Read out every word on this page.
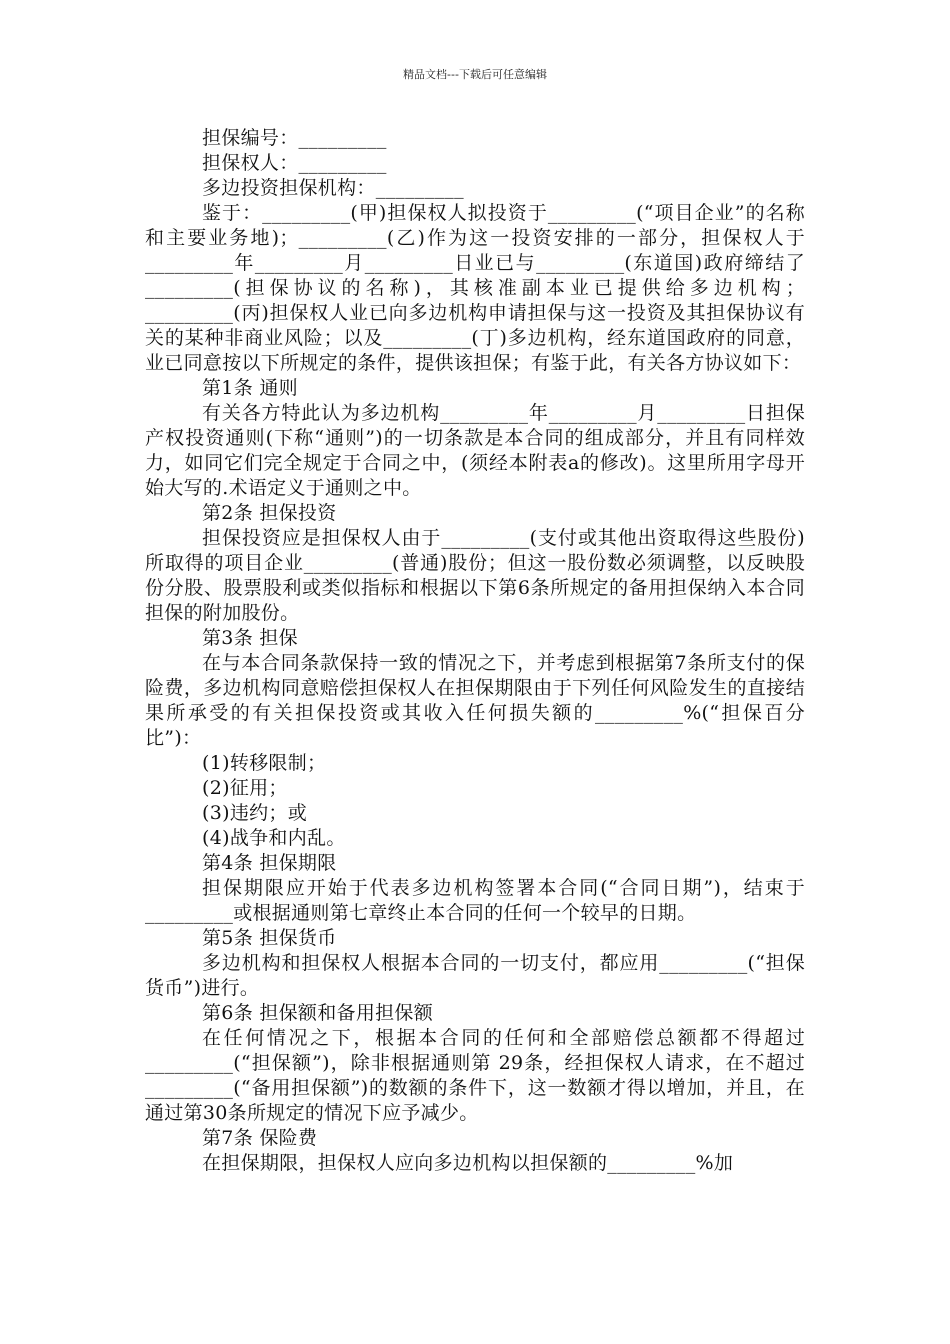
精品文档---下载后可任意编辑

担保编号：_________

担保权人：_________

多边投资担保机构：_________

鉴于：_________(甲)担保权人拟投资于_________(“项目企业”的名称和主要业务地)；_________(乙)作为这一投资安排的一部分，担保权人于_________年_________月_________日业已与_________(东道国)政府缔结了_________(担保协议的名称)，其核准副本业已提供给多边机构；_________(丙)担保权人业已向多边机构申请担保与这一投资及其担保协议有关的某种非商业风险；以及_________(丁)多边机构，经东道国政府的同意，业已同意按以下所规定的条件，提供该担保；有鉴于此，有关各方协议如下：

第1条 通则

有关各方特此认为多边机构_________年_________月_________日担保产权投资通则(下称“通则”)的一切条款是本合同的组成部分，并且有同样效力，如同它们完全规定于合同之中，(须经本附表a的修改)。这里所用字母开始大写的.术语定义于通则之中。

第2条 担保投资

担保投资应是担保权人由于_________(支付或其他出资取得这些股份)所取得的项目企业_________(普通)股份；但这一股份数必须调整，以反映股份分股、股票股利或类似指标和根据以下第6条所规定的备用担保纳入本合同担保的附加股份。

第3条 担保

在与本合同条款保持一致的情况之下，并考虑到根据第7条所支付的保险费，多边机构同意赔偿担保权人在担保期限由于下列任何风险发生的直接结果所承受的有关担保投资或其收入任何损失额的_________%(“担保百分比”)：

(1)转移限制；

(2)征用；

(3)违约；或

(4)战争和内乱。

第4条 担保期限

担保期限应开始于代表多边机构签署本合同(“合同日期”)，结束于_________或根据通则第七章终止本合同的任何一个较早的日期。

第5条 担保货币

多边机构和担保权人根据本合同的一切支付，都应用_________(“担保货币”)进行。

第6条 担保额和备用担保额

在任何情况之下，根据本合同的任何和全部赔偿总额都不得超过_________(“担保额”)，除非根据通则第 29条，经担保权人请求，在不超过_________(“备用担保额”)的数额的条件下，这一数额才得以增加，并且，在通过第30条所规定的情况下应予减少。

第7条 保险费

在担保期限，担保权人应向多边机构以担保额的_________%加
